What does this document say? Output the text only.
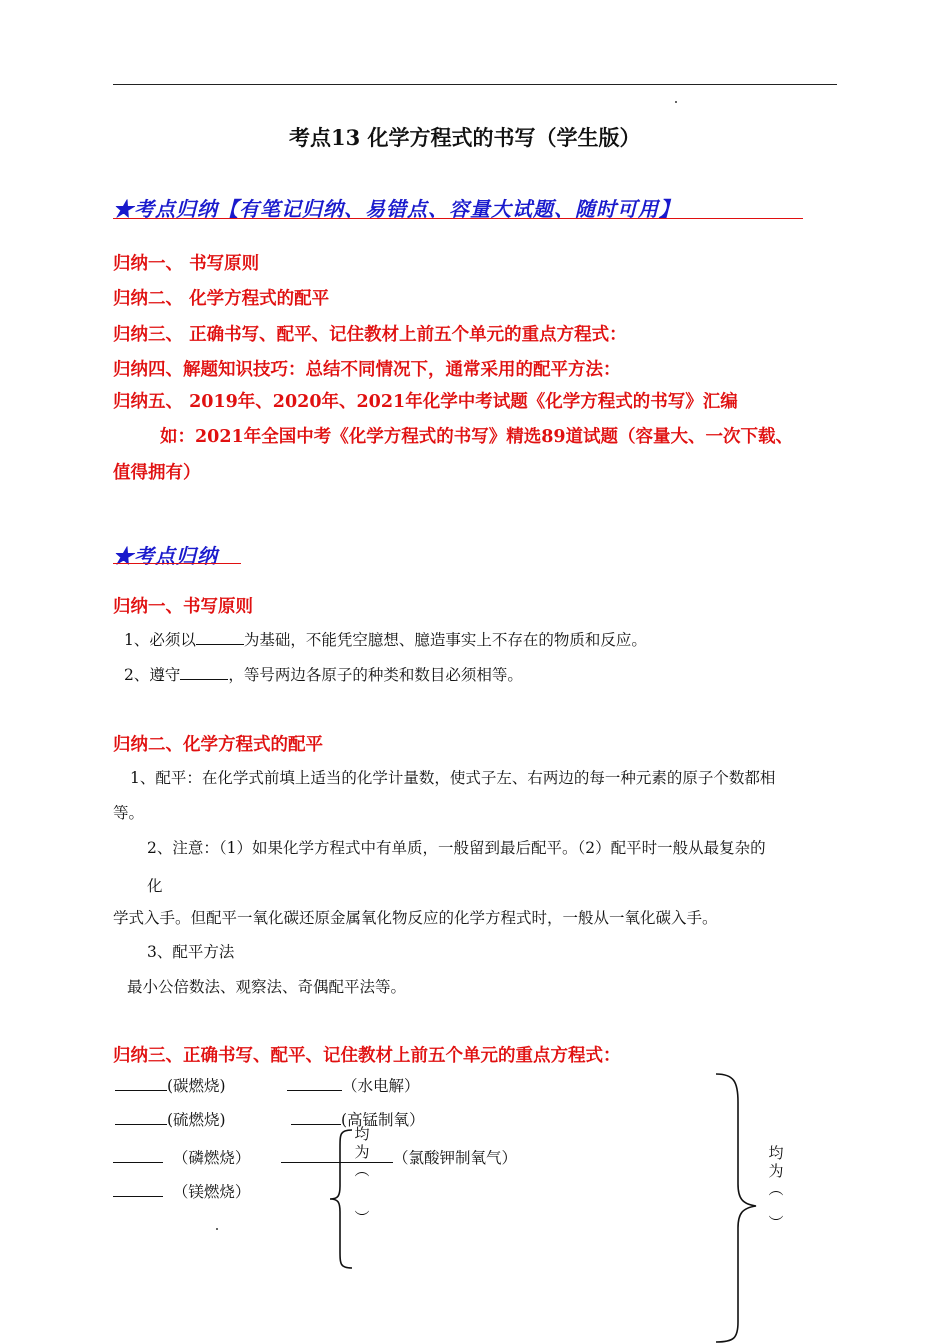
考点13 化学方程式的书写（学生版）
★考点归纳【有笔记归纳、易错点、容量大试题、随时可用】
归纳一、 书写原则
归纳二、 化学方程式的配平
归纳三、 正确书写、配平、记住教材上前五个单元的重点方程式：
归纳四、解题知识技巧：总结不同情况下，通常采用的配平方法：
归纳五、 2019年、2020年、2021年化学中考试题《化学方程式的书写》汇编
如：2021年全国中考《化学方程式的书写》精选89道试题（容量大、一次下载、
值得拥有）
★考点归纳
归纳一、书写原则
1、必须以	为基础，不能凭空臆想、臆造事实上不存在的物质和反应。
2、遵守	，等号两边各原子的种类和数目必须相等。
归纳二、化学方程式的配平
1、配平：在化学式前填上适当的化学计量数，使式子左、右两边的每一种元素的原子个数都相
等。
2、注意：（1）如果化学方程式中有单质，一般留到最后配平。（2）配平时一般从最复杂的
化
学式入手。但配平一氧化碳还原金属氧化物反应的化学方程式时，一般从一氧化碳入手。
3、配平方法
最小公倍数法、观察法、奇偶配平法等。
归纳三、正确书写、配平、记住教材上前五个单元的重点方程式：
(碳燃烧)
(硫燃烧)
（磷燃烧）
（镁燃烧）
（水电解）
(高锰制氧）
（氯酸钾制氧气）
均
为
︵
︶
均
为
︵
︶
